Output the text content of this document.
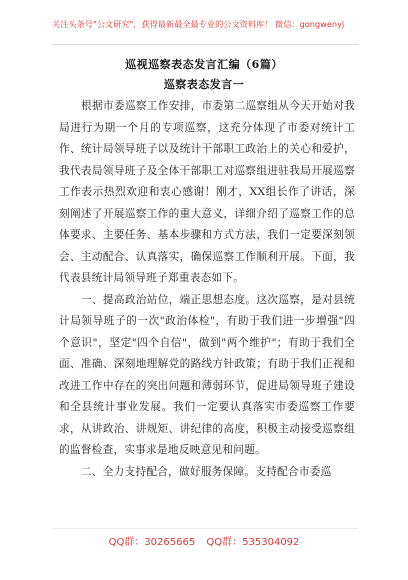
关注头条号"公文研究"，获得最新最全最专业的公文资料库！ 微信：gongwenyj
巡视巡察表态发言汇编（6篇）
巡察表态发言一

根据市委巡察工作安排，市委第二巡察组从今天开始对我局进行为期一个月的专项巡察，这充分体现了市委对统计工作、统计局领导班子以及统计干部职工政治上的关心和爱护，我代表局领导班子及全体干部职工对巡察组进驻我局开展巡察工作表示热烈欢迎和衷心感谢！刚才，XX组长作了讲话，深刻阐述了开展巡察工作的重大意义，详细介绍了巡察工作的总体要求、主要任务、基本步骤和方式方法，我们一定要深刻领会、主动配合、认真落实，确保巡察工作顺利开展。下面，我代表县统计局领导班子郑重表态如下。

一、提高政治站位，端正思想态度。这次巡察，是对县统计局领导班子的一次"政治体检"，有助于我们进一步增强"四个意识"，坚定"四个自信"，做到"两个维护"；有助于我们全面、准确、深刻地理解党的路线方针政策；有助于我们正视和改进工作中存在的突出问题和薄弱环节，促进局领导班子建设和全县统计事业发展。我们一定要认真落实市委巡察工作要求，从讲政治、讲规矩、讲纪律的高度，积极主动接受巡察组的监督检查，实事求是地反映意见和问题。

二、全力支持配合，做好服务保障。支持配合市委巡

QQ群：30265665 QQ群：535304092
